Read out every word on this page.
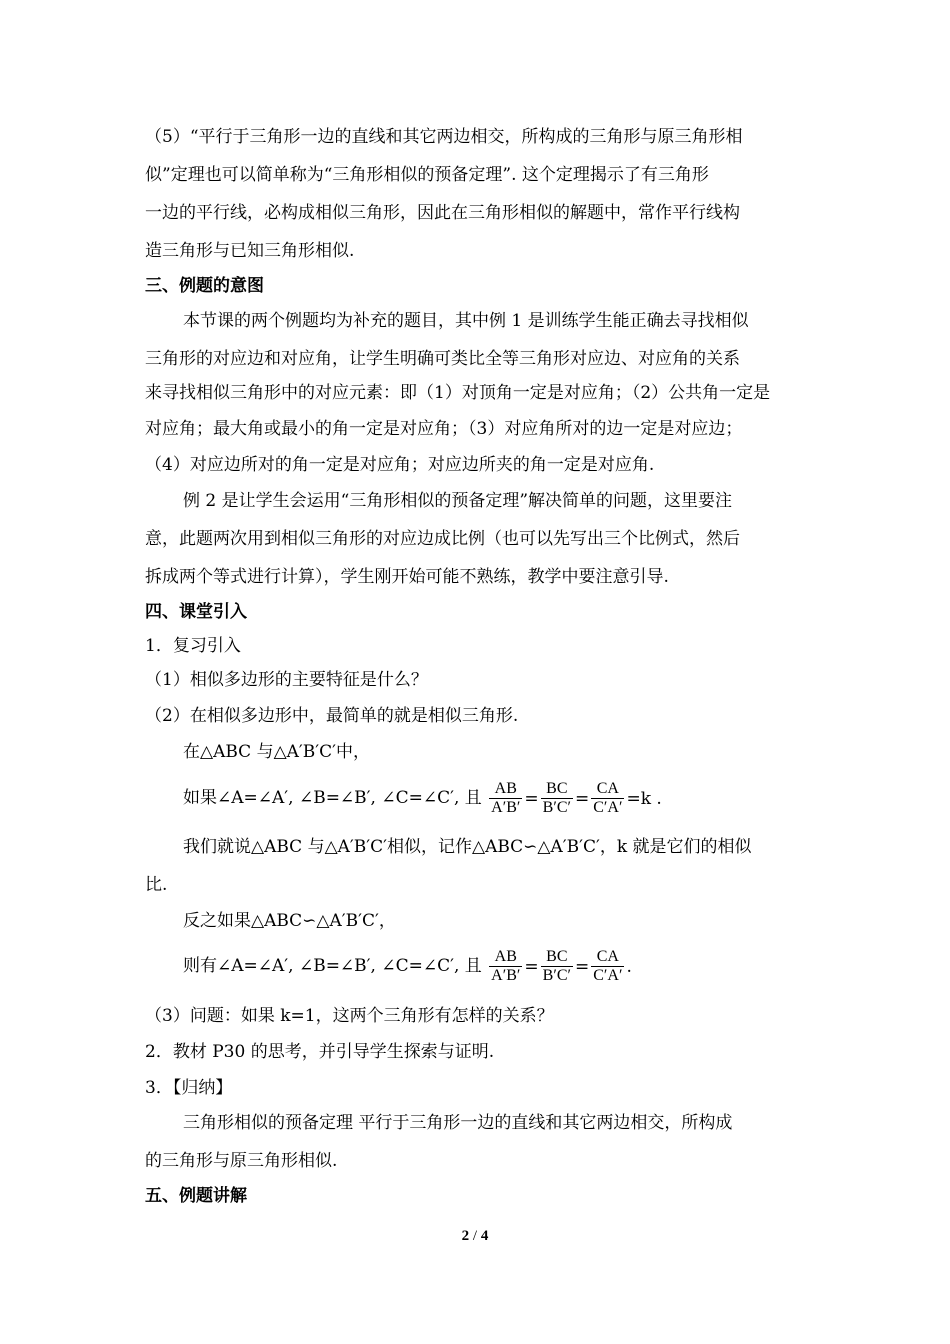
（5）“平行于三角形一边的直线和其它两边相交，所构成的三角形与原三角形相
似”定理也可以简单称为“三角形相似的预备定理”. 这个定理揭示了有三角形
一边的平行线，必构成相似三角形，因此在三角形相似的解题中，常作平行线构
造三角形与已知三角形相似.
三、例题的意图
本节课的两个例题均为补充的题目，其中例 1 是训练学生能正确去寻找相似
三角形的对应边和对应角，让学生明确可类比全等三角形对应边、对应角的关系
来寻找相似三角形中的对应元素：即（1）对顶角一定是对应角；（2）公共角一定是
对应角；最大角或最小的角一定是对应角；（3）对应角所对的边一定是对应边；
（4）对应边所对的角一定是对应角；对应边所夹的角一定是对应角.
例 2 是让学生会运用“三角形相似的预备定理”解决简单的问题，这里要注
意，此题两次用到相似三角形的对应边成比例（也可以先写出三个比例式，然后
拆成两个等式进行计算），学生刚开始可能不熟练，教学中要注意引导.
四、课堂引入
1．复习引入
（1）相似多边形的主要特征是什么？
（2）在相似多边形中，最简单的就是相似三角形.
在△ABC 与△A′B′C′中，
如果∠A=∠A′, ∠B=∠B′, ∠C=∠C′, 且 $\frac{AB}{A'B'} = \frac{BC}{B'C'} = \frac{CA}{C'A'} =k$ .
我们就说△ABC 与△A′B′C′相似，记作△ABC∽△A′B′C′，k 就是它们的相似
比.
反之如果△ABC∽△A′B′C′，
则有∠A=∠A′, ∠B=∠B′, ∠C=∠C′, 且 $\frac{AB}{A'B'} = \frac{BC}{B'C'} = \frac{CA}{C'A'}$ .
（3）问题：如果 k=1，这两个三角形有怎样的关系？
2．教材 P30 的思考，并引导学生探索与证明.
3．【归纳】
三角形相似的预备定理 平行于三角形一边的直线和其它两边相交，所构成
的三角形与原三角形相似.
五、例题讲解
2 / 4
